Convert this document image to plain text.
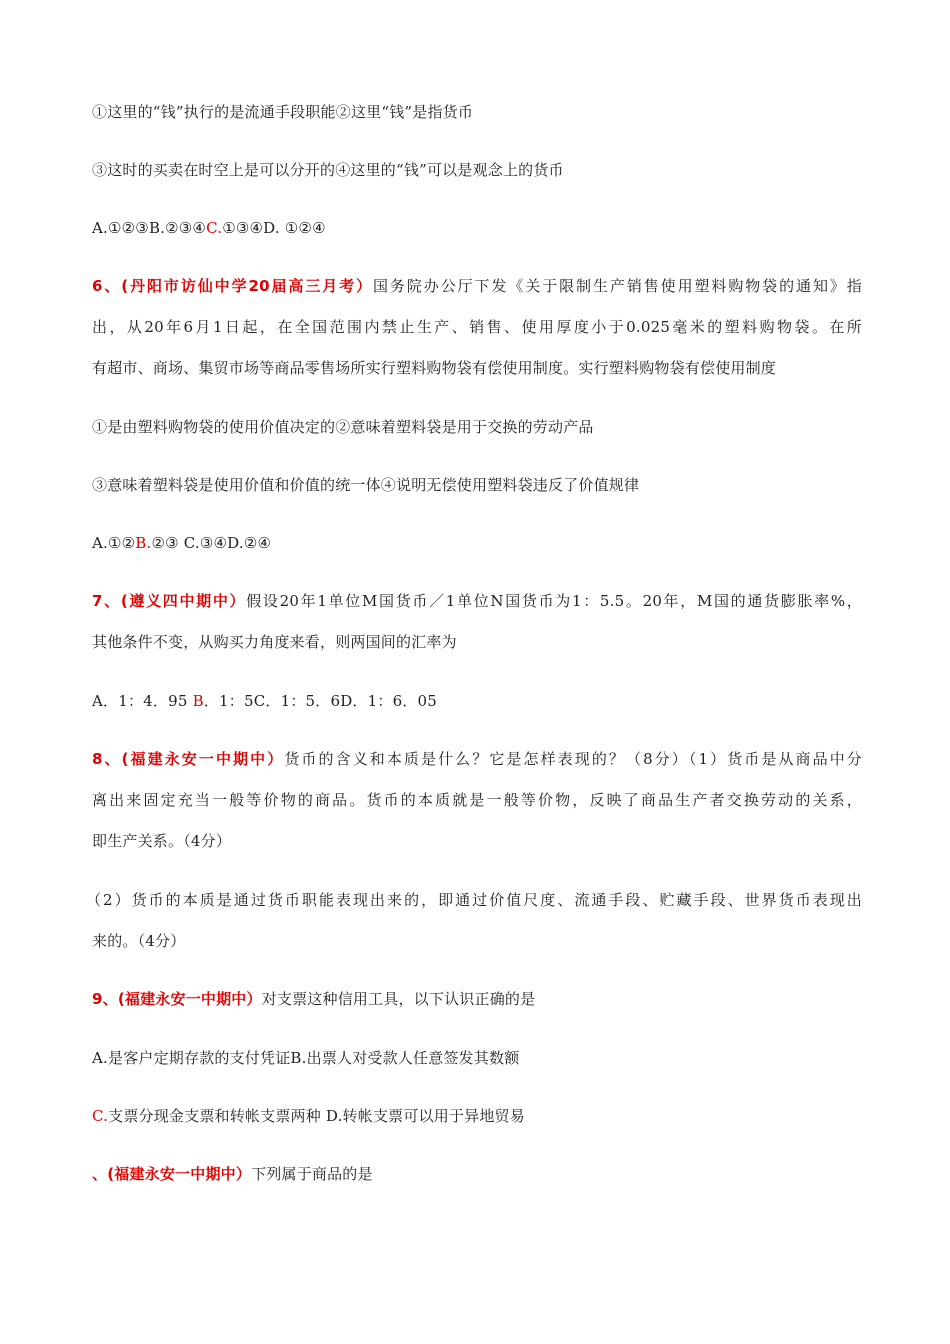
①这里的“钱”执行的是流通手段职能②这里“钱”是指货币
③这时的买卖在时空上是可以分开的④这里的“钱”可以是观念上的货币
A.①②③B.②③④C.①③④D. ①②④
6、(丹阳市访仙中学20届高三月考）国务院办公厅下发《关于限制生产销售使用塑料购物袋的通知》指
出，从20年6月1日起，在全国范围内禁止生产、销售、使用厚度小于0.025毫米的塑料购物袋。在所
有超市、商场、集贸市场等商品零售场所实行塑料购物袋有偿使用制度。实行塑料购物袋有偿使用制度
①是由塑料购物袋的使用价值决定的②意味着塑料袋是用于交换的劳动产品
③意味着塑料袋是使用价值和价值的统一体④说明无偿使用塑料袋违反了价值规律
A.①②B.②③ C.③④D.②④
7、(遵义四中期中）假设20年1单位M国货币／1单位N国货币为1：5.5。20年，M国的通货膨胀率%，
其他条件不变，从购买力角度来看，则两国间的汇率为
A．1：4．95 B．1：5C．1：5．6D．1：6．05
8、(福建永安一中期中）货币的含义和本质是什么？它是怎样表现的？（8分）（1）货币是从商品中分
离出来固定充当一般等价物的商品。货币的本质就是一般等价物，反映了商品生产者交换劳动的关系，
即生产关系。（4分）
（2）货币的本质是通过货币职能表现出来的，即通过价值尺度、流通手段、贮藏手段、世界货币表现出
来的。（4分）
9、(福建永安一中期中）对支票这种信用工具，以下认识正确的是
A.是客户定期存款的支付凭证B.出票人对受款人任意签发其数额
C.支票分现金支票和转帐支票两种 D.转帐支票可以用于异地贸易
、(福建永安一中期中）下列属于商品的是
